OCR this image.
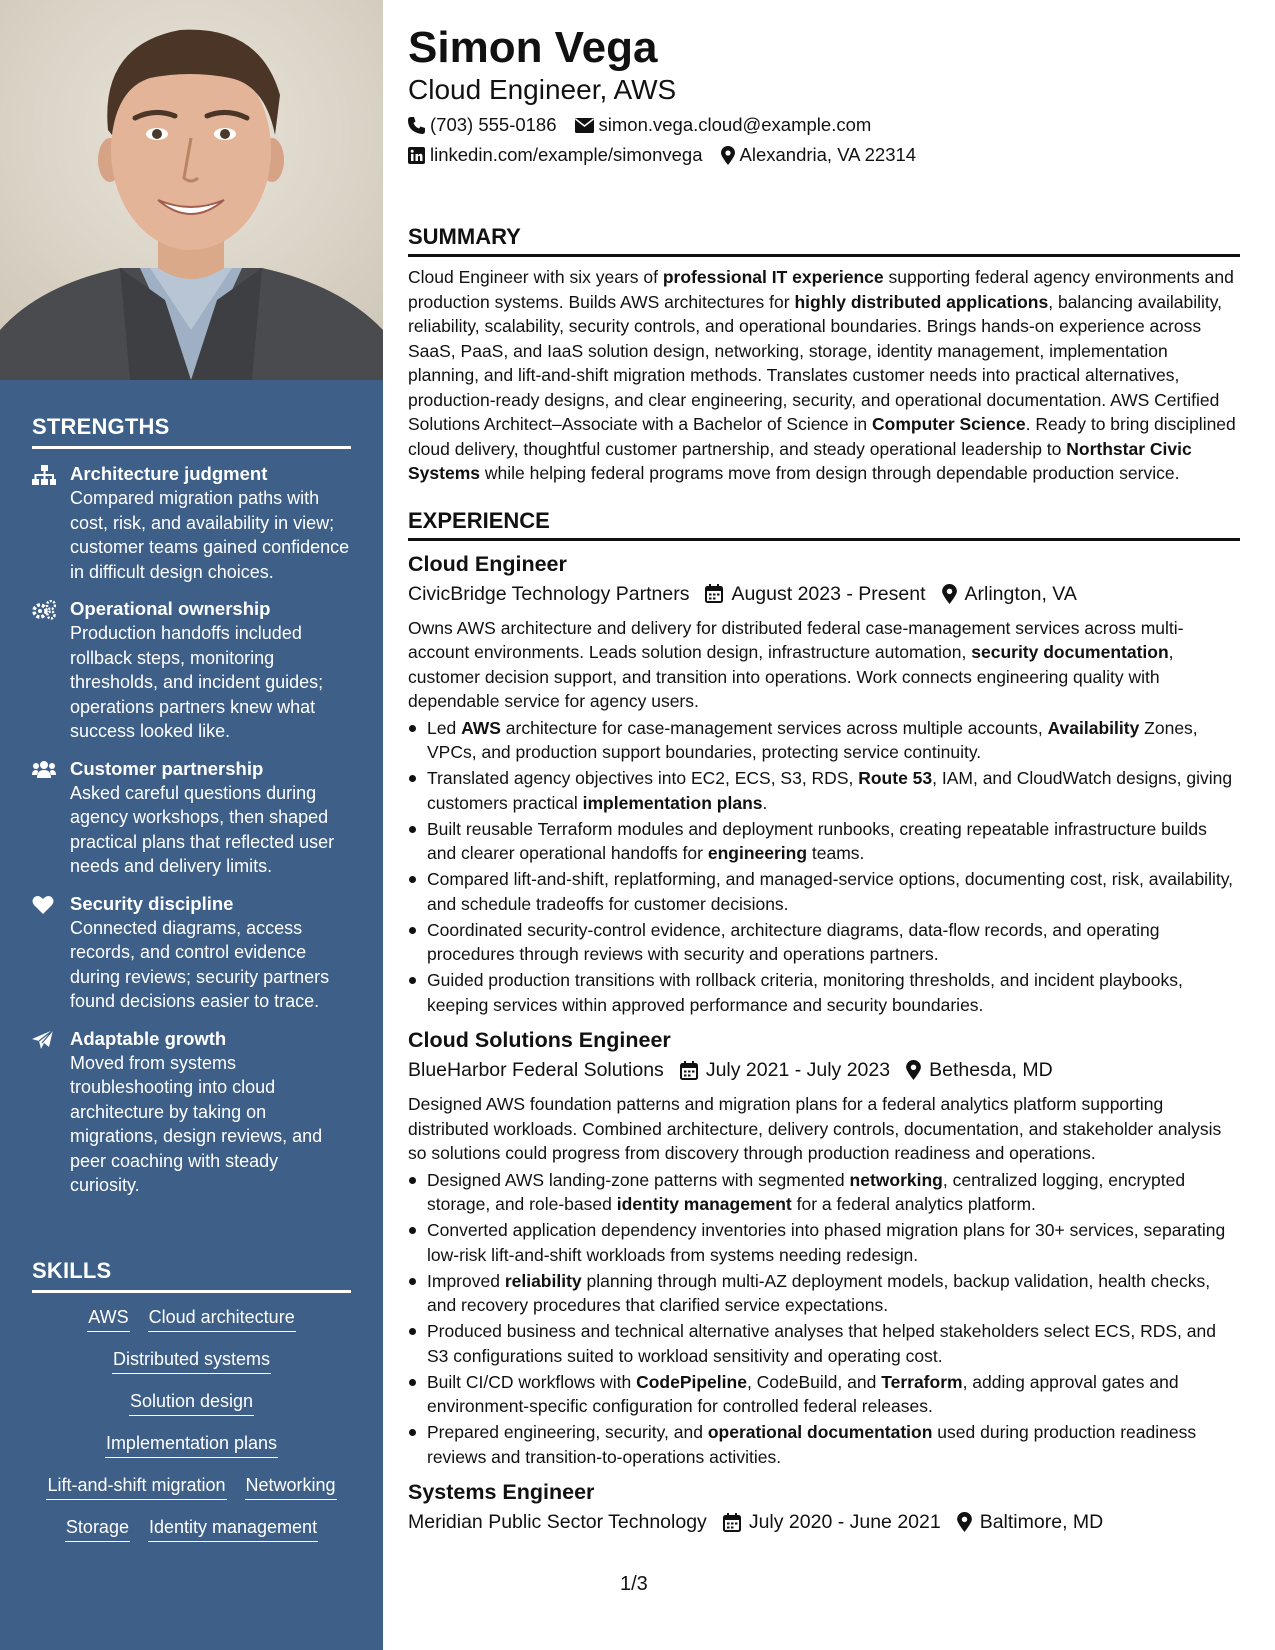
STRENGTHS
Architecture judgment
Compared migration paths with cost, risk, and availability in view; customer teams gained confidence in difficult design choices.
Operational ownership
Production handoffs included rollback steps, monitoring thresholds, and incident guides; operations partners knew what success looked like.
Customer partnership
Asked careful questions during agency workshops, then shaped practical plans that reflected user needs and delivery limits.
Security discipline
Connected diagrams, access records, and control evidence during reviews; security partners found decisions easier to trace.
Adaptable growth
Moved from systems troubleshooting into cloud architecture by taking on migrations, design reviews, and peer coaching with steady curiosity.
SKILLS
AWS Cloud architecture
Distributed systems
Solution design
Implementation plans
Lift-and-shift migration Networking
Storage Identity management
Simon Vega
Cloud Engineer, AWS
(703) 555-0186 simon.vega.cloud@example.com
linkedin.com/example/simonvega Alexandria, VA 22314
SUMMARY
Cloud Engineer with six years of professional IT experience supporting federal agency environments and production systems. Builds AWS architectures for highly distributed applications, balancing availability, reliability, scalability, security controls, and operational boundaries. Brings hands-on experience across SaaS, PaaS, and IaaS solution design, networking, storage, identity management, implementation planning, and lift-and-shift migration methods. Translates customer needs into practical alternatives, production-ready designs, and clear engineering, security, and operational documentation. AWS Certified Solutions Architect–Associate with a Bachelor of Science in Computer Science. Ready to bring disciplined cloud delivery, thoughtful customer partnership, and steady operational leadership to Northstar Civic Systems while helping federal programs move from design through dependable production service.
EXPERIENCE
Cloud Engineer
CivicBridge Technology Partners August 2023 - Present Arlington, VA
Owns AWS architecture and delivery for distributed federal case-management services across multi-account environments. Leads solution design, infrastructure automation, security documentation, customer decision support, and transition into operations. Work connects engineering quality with dependable service for agency users.
Led AWS architecture for case-management services across multiple accounts, Availability Zones, VPCs, and production support boundaries, protecting service continuity.
Translated agency objectives into EC2, ECS, S3, RDS, Route 53, IAM, and CloudWatch designs, giving customers practical implementation plans.
Built reusable Terraform modules and deployment runbooks, creating repeatable infrastructure builds and clearer operational handoffs for engineering teams.
Compared lift-and-shift, replatforming, and managed-service options, documenting cost, risk, availability, and schedule tradeoffs for customer decisions.
Coordinated security-control evidence, architecture diagrams, data-flow records, and operating procedures through reviews with security and operations partners.
Guided production transitions with rollback criteria, monitoring thresholds, and incident playbooks, keeping services within approved performance and security boundaries.
Cloud Solutions Engineer
BlueHarbor Federal Solutions July 2021 - July 2023 Bethesda, MD
Designed AWS foundation patterns and migration plans for a federal analytics platform supporting distributed workloads. Combined architecture, delivery controls, documentation, and stakeholder analysis so solutions could progress from discovery through production readiness and operations.
Designed AWS landing-zone patterns with segmented networking, centralized logging, encrypted storage, and role-based identity management for a federal analytics platform.
Converted application dependency inventories into phased migration plans for 30+ services, separating low-risk lift-and-shift workloads from systems needing redesign.
Improved reliability planning through multi-AZ deployment models, backup validation, health checks, and recovery procedures that clarified service expectations.
Produced business and technical alternative analyses that helped stakeholders select ECS, RDS, and S3 configurations suited to workload sensitivity and operating cost.
Built CI/CD workflows with CodePipeline, CodeBuild, and Terraform, adding approval gates and environment-specific configuration for controlled federal releases.
Prepared engineering, security, and operational documentation used during production readiness reviews and transition-to-operations activities.
Systems Engineer
Meridian Public Sector Technology July 2020 - June 2021 Baltimore, MD
1/3
